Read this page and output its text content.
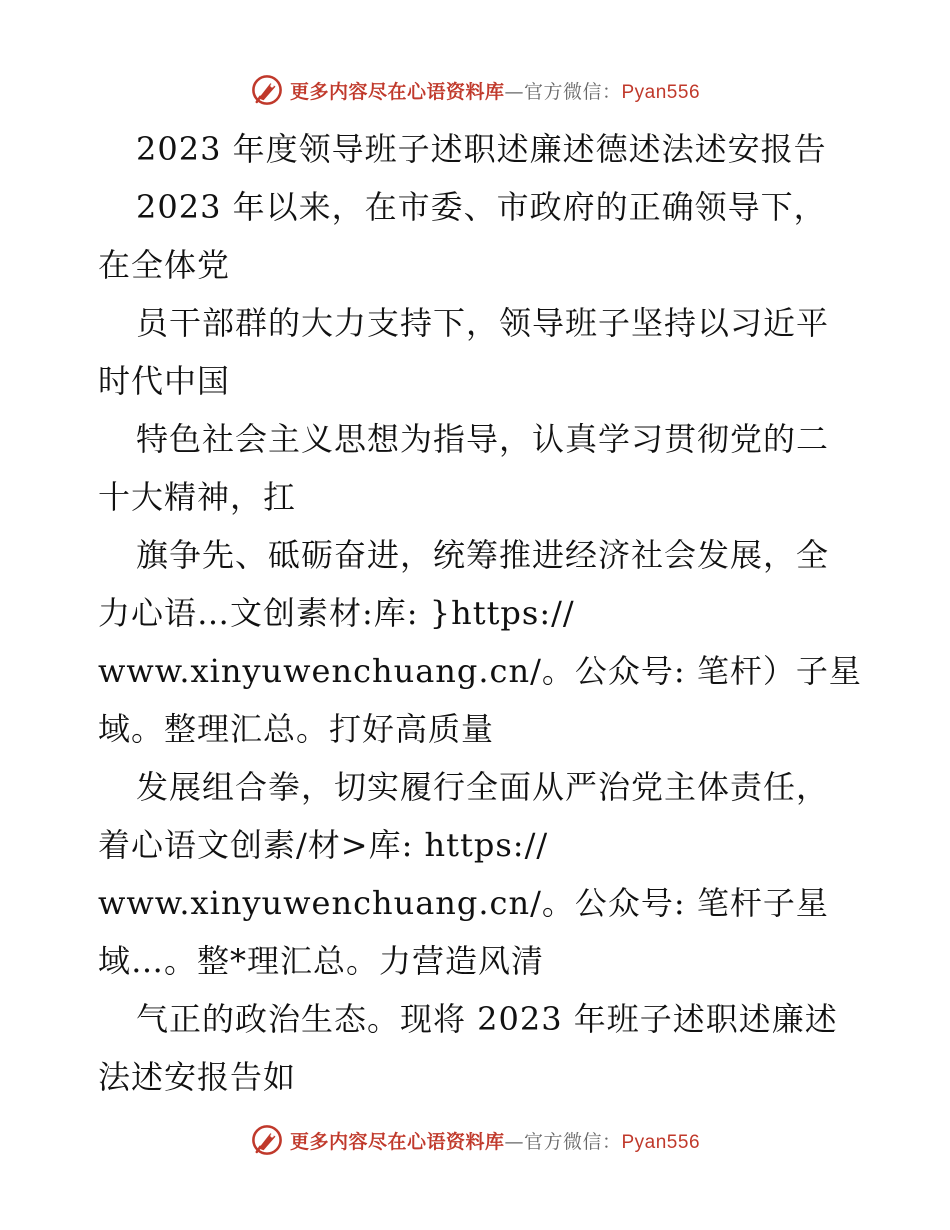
更多内容尽在心语资料库—官方微信：Pyan556
2023 年度领导班子述职述廉述德述法述安报告
2023 年以来，在市委、市政府的正确领导下，
在全体党
员干部群的大力支持下，领导班子坚持以习近平
时代中国
特色社会主义思想为指导，认真学习贯彻党的二
十大精神，扛
旗争先、砥砺奋进，统筹推进经济社会发展，全
力心语…文创素材:库: }https://
www.xinyuwenchuang.cn/。公众号: 笔杆）子星
域。整理汇总。打好高质量
发展组合拳，切实履行全面从严治党主体责任，
着心语文创素/材>库: https://
www.xinyuwenchuang.cn/。公众号: 笔杆子星
域…。整*理汇总。力营造风清
气正的政治生态。现将 2023 年班子述职述廉述
法述安报告如
更多内容尽在心语资料库—官方微信：Pyan556
